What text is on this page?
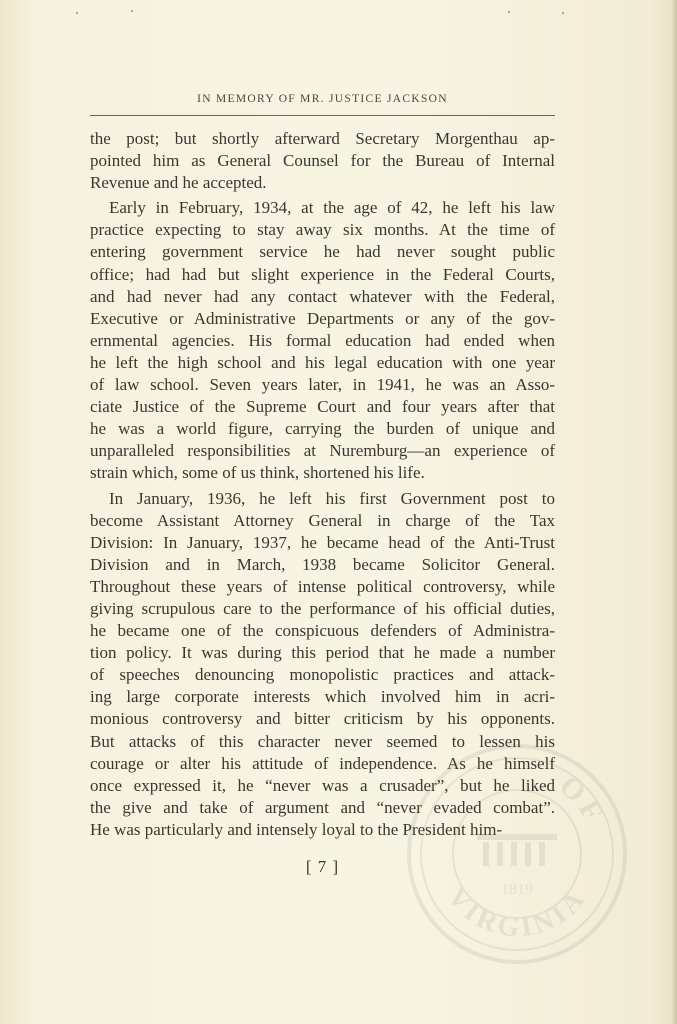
IN MEMORY OF MR. JUSTICE JACKSON

the post; but shortly afterward Secretary Morgenthau ap-
pointed him as General Counsel for the Bureau of Internal
Revenue and he accepted.

Early in February, 1934, at the age of 42, he left his law
practice expecting to stay away six months. At the time of
entering government service he had never sought public
office; had had but slight experience in the Federal Courts,
and had never had any contact whatever with the Federal,
Executive or Administrative Departments or any of the gov-
ernmental agencies. His formal education had ended when
he left the high school and his legal education with one year
of law school. Seven years later, in 1941, he was an Asso-
ciate Justice of the Supreme Court and four years after that
he was a world figure, carrying the burden of unique and
unparalleled responsibilities at Nuremburg—an experience of
strain which, some of us think, shortened his life.

In January, 1936, he left his first Government post to
become Assistant Attorney General in charge of the Tax
Division: In January, 1937, he became head of the Anti-Trust
Division and in March, 1938 became Solicitor General.
Throughout these years of intense political controversy, while
giving scrupulous care to the performance of his official duties,
he became one of the conspicuous defenders of Administra-
tion policy. It was during this period that he made a number
of speeches denouncing monopolistic practices and attack-
ing large corporate interests which involved him in acri-
monious controversy and bitter criticism by his opponents.
But attacks of this character never seemed to lessen his
courage or alter his attitude of independence. As he himself
once expressed it, he “never was a crusader”, but he liked
the give and take of argument and “never evaded combat”.
He was particularly and intensely loyal to the President him-

OF
VIRGINIA
1819
[ 7 ]
